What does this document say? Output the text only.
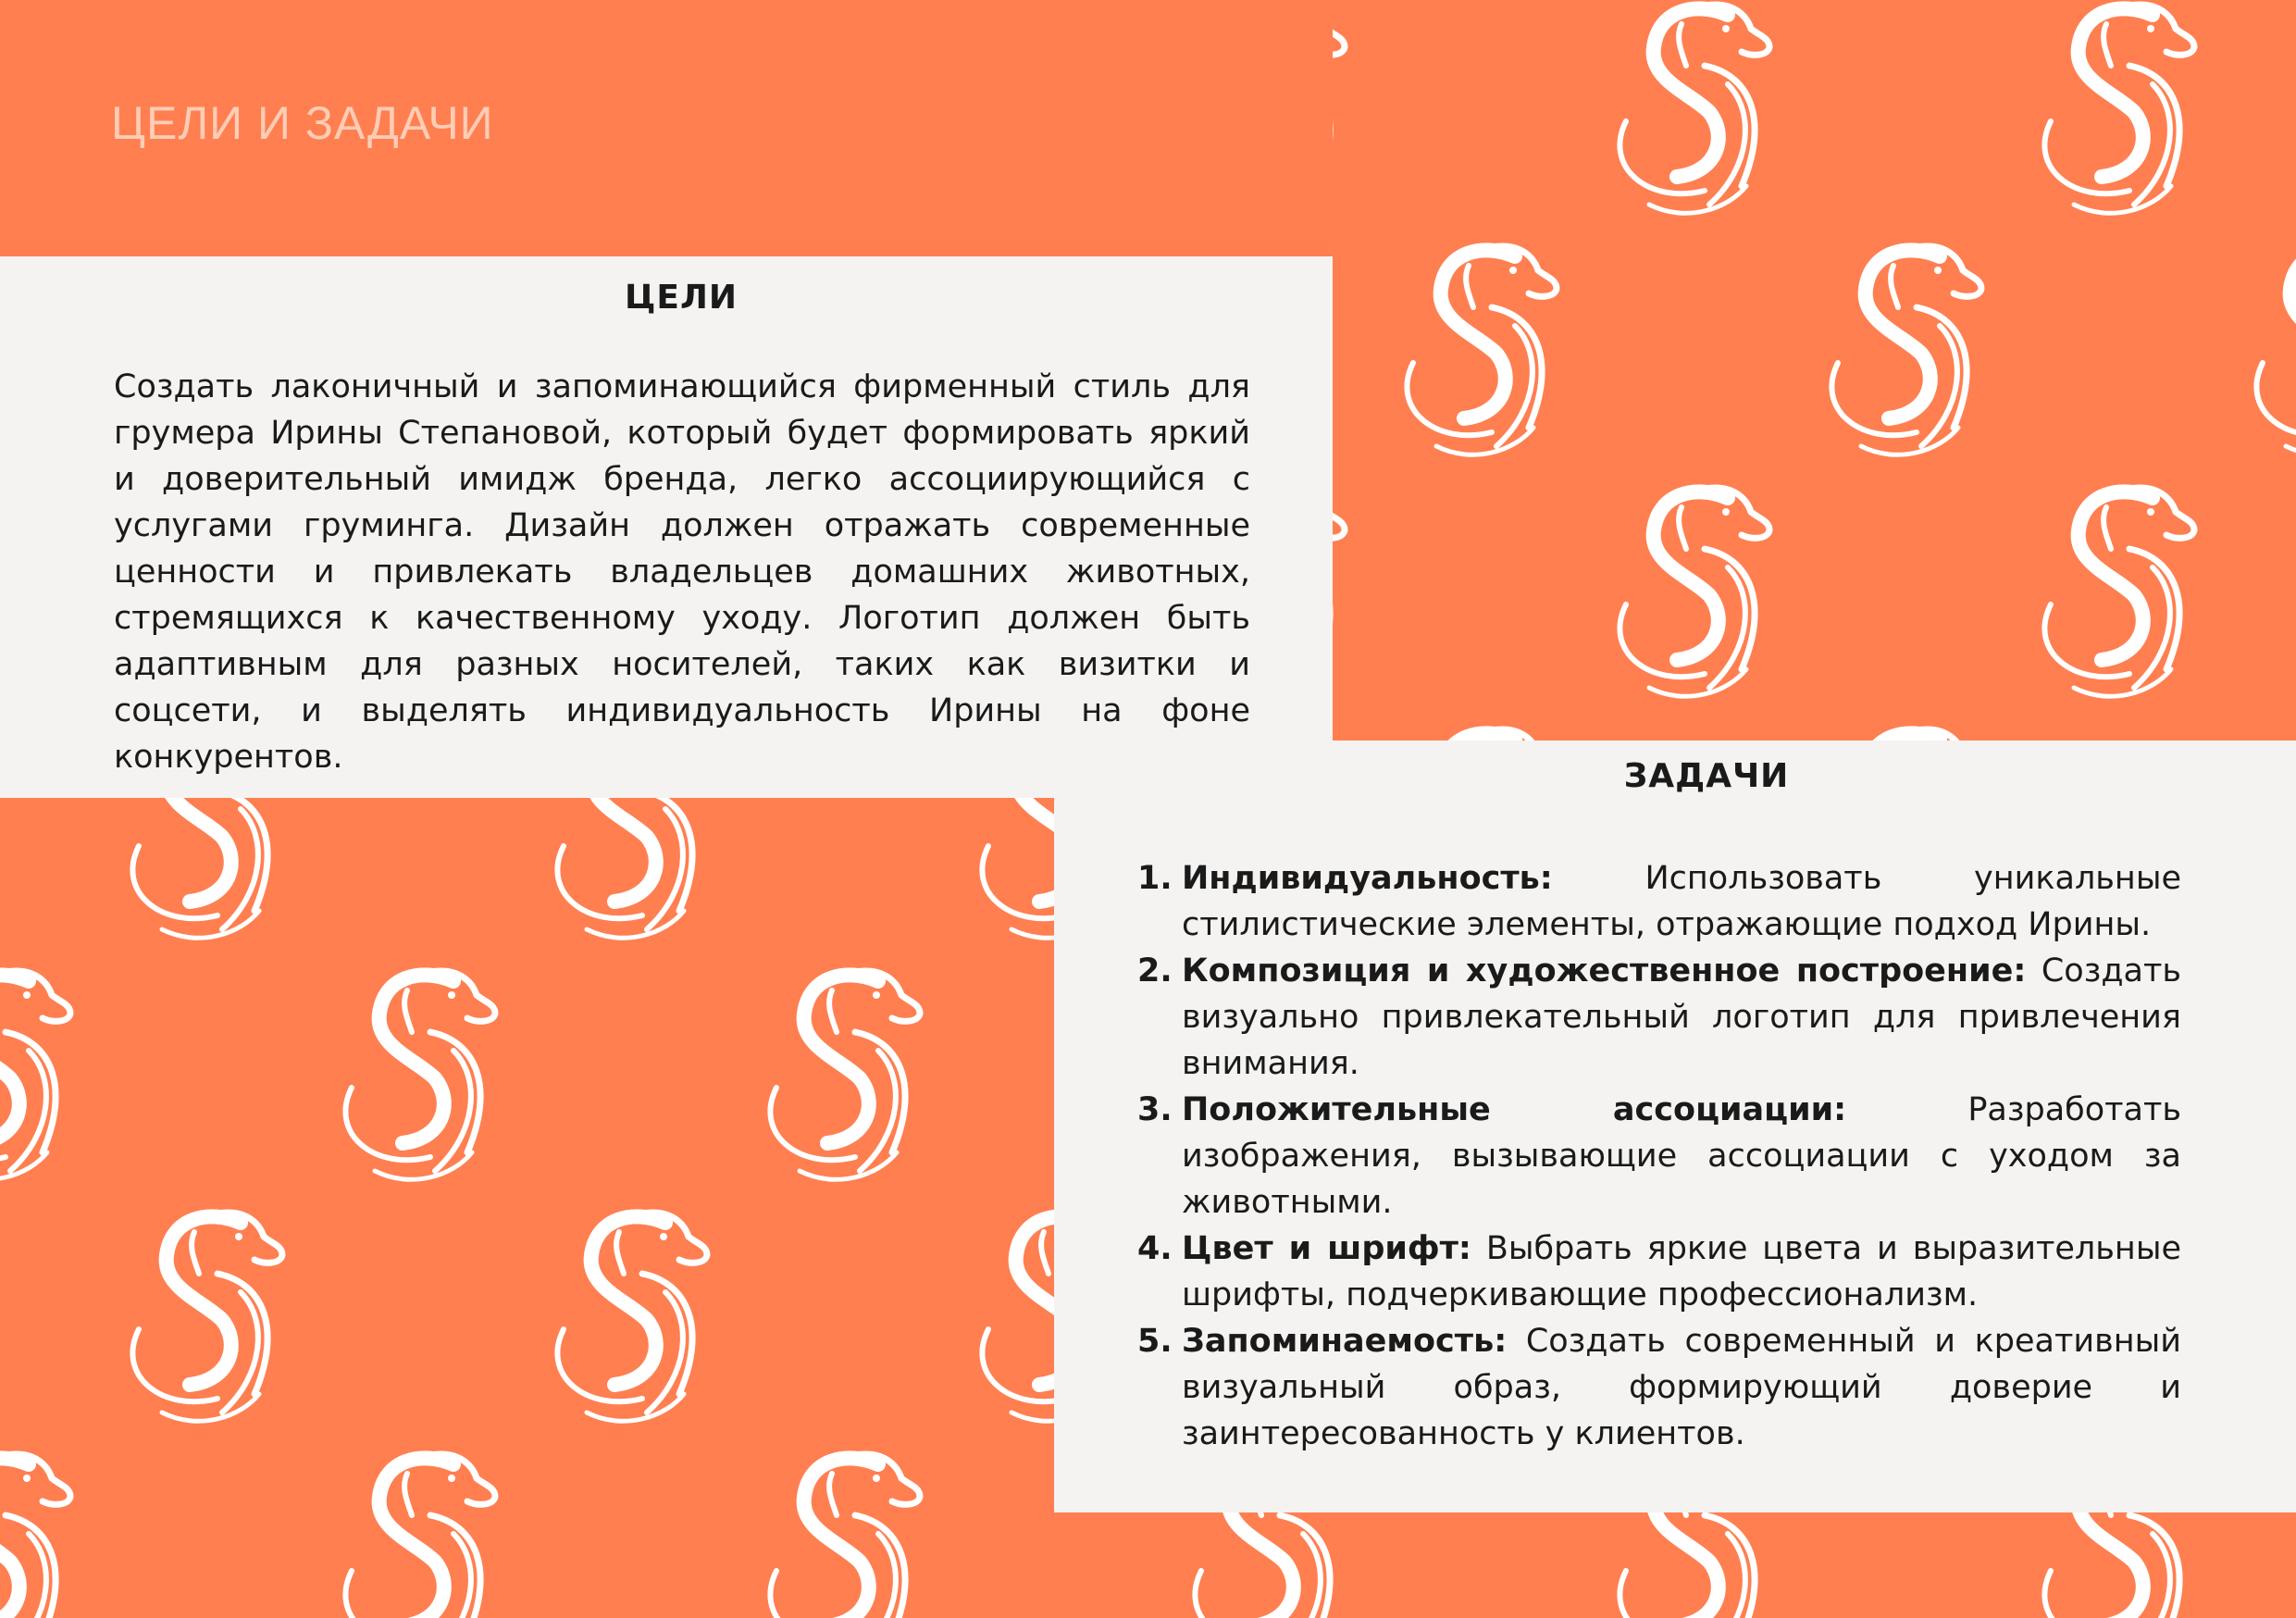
ЦЕЛИ И ЗАДАЧИ
ЦЕЛИ
Создать лаконичный и запоминающийся фирменный стиль для грумера Ирины Степановой, который будет формировать яркий и доверительный имидж бренда, легко ассоциирующийся с услугами груминга. Дизайн должен отражать современные ценности и привлекать владельцев домашних животных, стремящихся к качественному уходу. Логотип должен быть адаптивным для разных носителей, таких как визитки и соцсети, и выделять индивидуальность Ирины на фоне конкурентов.	ЗАДАЧИ
1. Индивидуальность: Использовать уникальные стилистические элементы, отражающие подход Ирины.
2. Композиция и художественное построение: Создать визуально привлекательный логотип для привлечения внимания.
3. Положительные ассоциации: Разработать изображения, вызывающие ассоциации с уходом за животными.
4. Цвет и шрифт: Выбрать яркие цвета и выразительные шрифты, подчеркивающие профессионализм.
5. Запоминаемость: Создать современный и креативный визуальный образ, формирующий доверие и заинтересованность у клиентов.
